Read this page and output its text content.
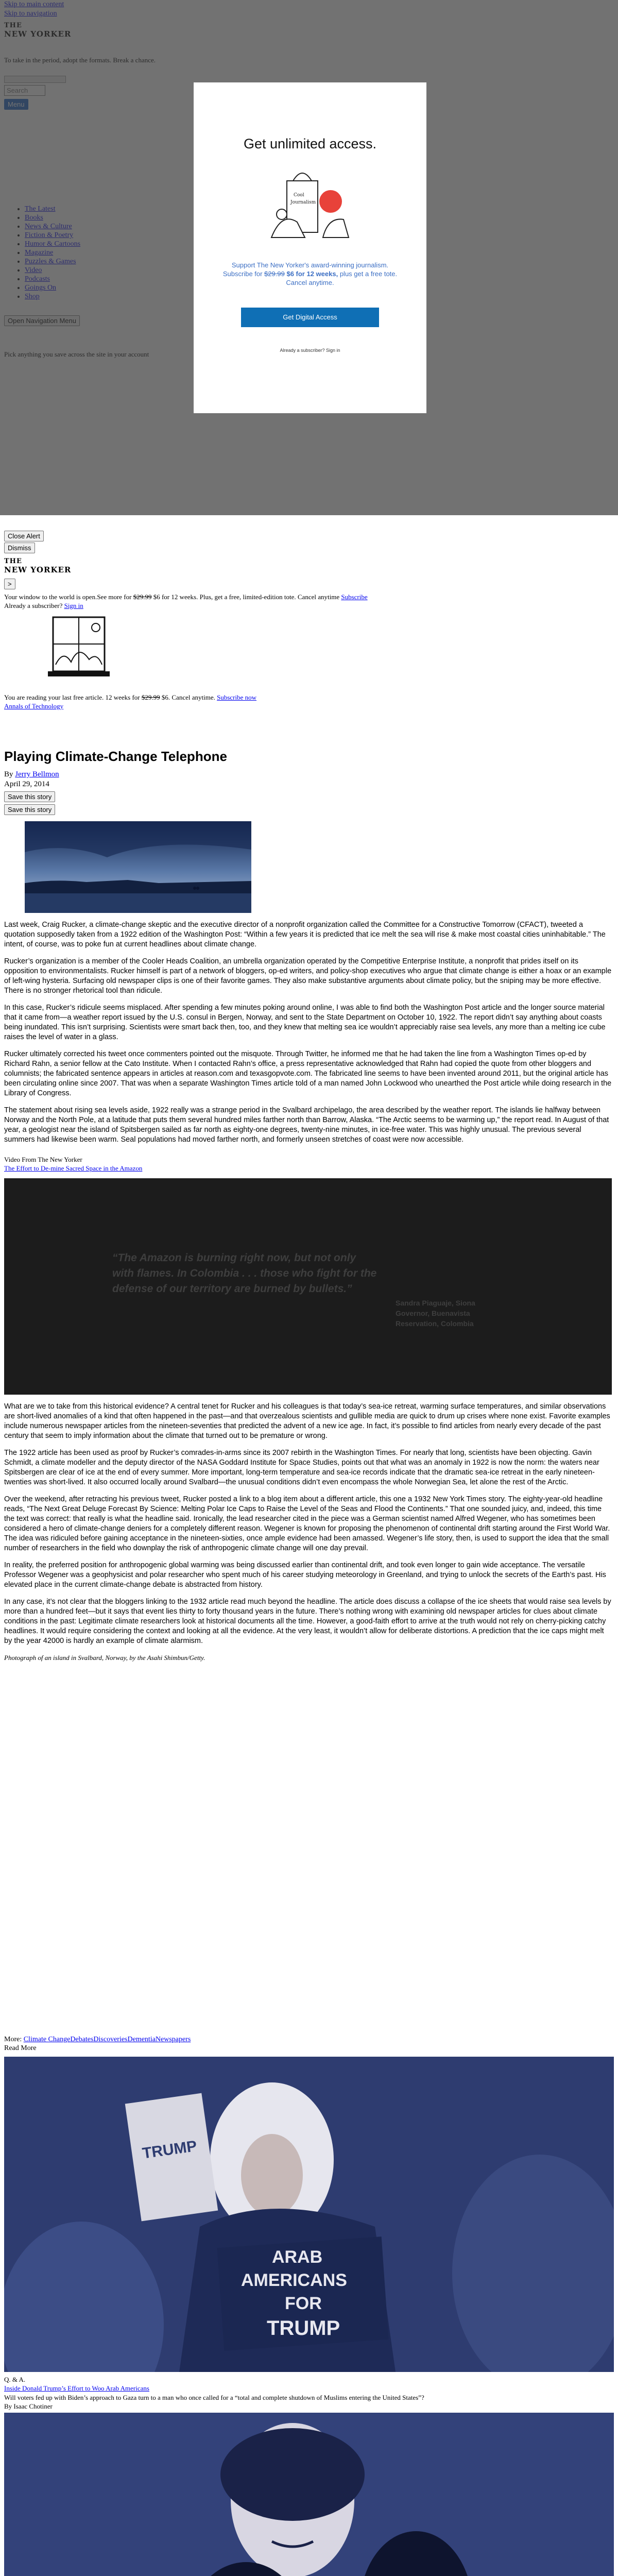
Search
•
•
•
•
•
•
•
•
•
•
•
Get unlimited access.
Cool
Journalism
Support The New Yorker's award-winning journalism.
Subscribe for $29.99 $6 for 12 weeks, plus get a free tote.
Cancel anytime.
Get Digital Access
Already a subscriber? Sign in
Close Alert
Dismiss
THE
NEW YORKER
>
Your window to the world is open.See more for $29.99 $6 for 12 weeks. Plus, get a free, limited-edition tote. Cancel anytime Subscribe
Already a subscriber? Sign in
You are reading your last free article. 12 weeks for $29.99 $6. Cancel anytime. Subscribe now
Annals of Technology
Playing Climate-Change Telephone
By Jerry Bellmon
April 29, 2014
Save this story
Save this story

Last week, Craig Rucker, a climate-change skeptic and the executive director of a nonprofit organization called the Committee for a Constructive Tomorrow (CFACT), tweeted a quotation supposedly taken from a 1922 edition of the Washington Post: “Within a few years it is predicted that ice melt the sea will rise & make most coastal cities uninhabitable.” The intent, of course, was to poke fun at current headlines about climate change.

Rucker’s organization is a member of the Cooler Heads Coalition, an umbrella organization operated by the Competitive Enterprise Institute, a nonprofit that prides itself on its opposition to environmentalists. Rucker himself is part of a network of bloggers, op-ed writers, and policy-shop executives who argue that climate change is either a hoax or an example of left-wing hysteria. Surfacing old newspaper clips is one of their favorite games. They also make substantive arguments about climate policy, but the sniping may be more effective. There is no stronger rhetorical tool than ridicule.

In this case, Rucker’s ridicule seems misplaced. After spending a few minutes poking around online, I was able to find both the Washington Post article and the longer source material that it came from—a weather report issued by the U.S. consul in Bergen, Norway, and sent to the State Department on October 10, 1922. The report didn’t say anything about coasts being inundated. This isn’t surprising. Scientists were smart back then, too, and they knew that melting sea ice wouldn’t appreciably raise sea levels, any more than a melting ice cube raises the level of water in a glass.

Rucker ultimately corrected his tweet once commenters pointed out the misquote. Through Twitter, he informed me that he had taken the line from a Washington Times op-ed by Richard Rahn, a senior fellow at the Cato Institute. When I contacted Rahn’s office, a press representative acknowledged that Rahn had copied the quote from other bloggers and columnists; the fabricated sentence appears in articles at reason.com and texasgopvote.com. The fabricated line seems to have been invented around 2011, but the original article has been circulating online since 2007. That was when a separate Washington Times article told of a man named John Lockwood who unearthed the Post article while doing research in the Library of Congress.

The statement about rising sea levels aside, 1922 really was a strange period in the Svalbard archipelago, the area described by the weather report. The islands lie halfway between Norway and the North Pole, at a latitude that puts them several hundred miles farther north than Barrow, Alaska. “The Arctic seems to be warming up,” the report read. In August of that year, a geologist near the island of Spitsbergen sailed as far north as eighty-one degrees, twenty-nine minutes, in ice-free water. This was highly unusual. The previous several summers had likewise been warm. Seal populations had moved farther north, and formerly unseen stretches of coast were now accessible.

Video From The New Yorker
The Effort to De-mine Sacred Space in the Amazon
“The Amazon is burning right now, but not only with flames. In Colombia . . . those who fight for the defense of our territory are burned by bullets.”
Sandra Piaguaje, Siona Governor, Buenavista Reservation, Colombia

What are we to take from this historical evidence? A central tenet for Rucker and his colleagues is that today’s sea-ice retreat, warming surface temperatures, and similar observations are short-lived anomalies of a kind that often happened in the past—and that overzealous scientists and gullible media are quick to drum up crises where none exist. Favorite examples include numerous newspaper articles from the nineteen-seventies that predicted the advent of a new ice age. In fact, it’s possible to find articles from nearly every decade of the past century that seem to imply information about the climate that turned out to be premature or wrong.

The 1922 article has been used as proof by Rucker’s comrades-in-arms since its 2007 rebirth in the Washington Times. For nearly that long, scientists have been objecting. Gavin Schmidt, a climate modeller and the deputy director of the NASA Goddard Institute for Space Studies, points out that what was an anomaly in 1922 is now the norm: the waters near Spitsbergen are clear of ice at the end of every summer. More important, long-term temperature and sea-ice records indicate that the dramatic sea-ice retreat in the early nineteen-twenties was short-lived. It also occurred locally around Svalbard—the unusual conditions didn’t even encompass the whole Norwegian Sea, let alone the rest of the Arctic.

Over the weekend, after retracting his previous tweet, Rucker posted a link to a blog item about a different article, this one a 1932 New York Times story. The eighty-year-old headline reads, “The Next Great Deluge Forecast By Science: Melting Polar Ice Caps to Raise the Level of the Seas and Flood the Continents.” That one sounded juicy, and, indeed, this time the text was correct: that really is what the headline said. Ironically, the lead researcher cited in the piece was a German scientist named Alfred Wegener, who has sometimes been considered a hero of climate-change deniers for a completely different reason. Wegener is known for proposing the phenomenon of continental drift starting around the First World War. The idea was ridiculed before gaining acceptance in the nineteen-sixties, once ample evidence had been amassed. Wegener’s life story, then, is used to support the idea that the small number of researchers in the field who downplay the risk of anthropogenic climate change will one day prevail.

In reality, the preferred position for anthropogenic global warming was being discussed earlier than continental drift, and took even longer to gain wide acceptance. The versatile Professor Wegener was a geophysicist and polar researcher who spent much of his career studying meteorology in Greenland, and trying to unlock the secrets of the Earth’s past. His elevated place in the current climate-change debate is abstracted from history.

In any case, it’s not clear that the bloggers linking to the 1932 article read much beyond the headline. The article does discuss a collapse of the ice sheets that would raise sea levels by more than a hundred feet—but it says that event lies thirty to forty thousand years in the future. There’s nothing wrong with examining old newspaper articles for clues about climate conditions in the past: Legitimate climate researchers look at historical documents all the time. However, a good-faith effort to arrive at the truth would not rely on cherry-picking catchy headlines. It would require considering the context and looking at all the evidence. At the very least, it wouldn’t allow for deliberate distortions. A prediction that the ice caps might melt by the year 42000 is hardly an example of climate alarmism.

Photograph of an island in Svalbard, Norway, by the Asahi Shimbun/Getty.
More: Climate ChangeDebatesDiscoveriesDementiaNewspapers
Read More
ARAB
AMERICANS
FOR
TRUMP
TRUMP
Q. & A.
Inside Donald Trump’s Effort to Woo Arab Americans
Will voters fed up with Biden’s approach to Gaza turn to a man who once called for a “total and complete shutdown of Muslims entering the United States”?
By Isaac Chotiner
